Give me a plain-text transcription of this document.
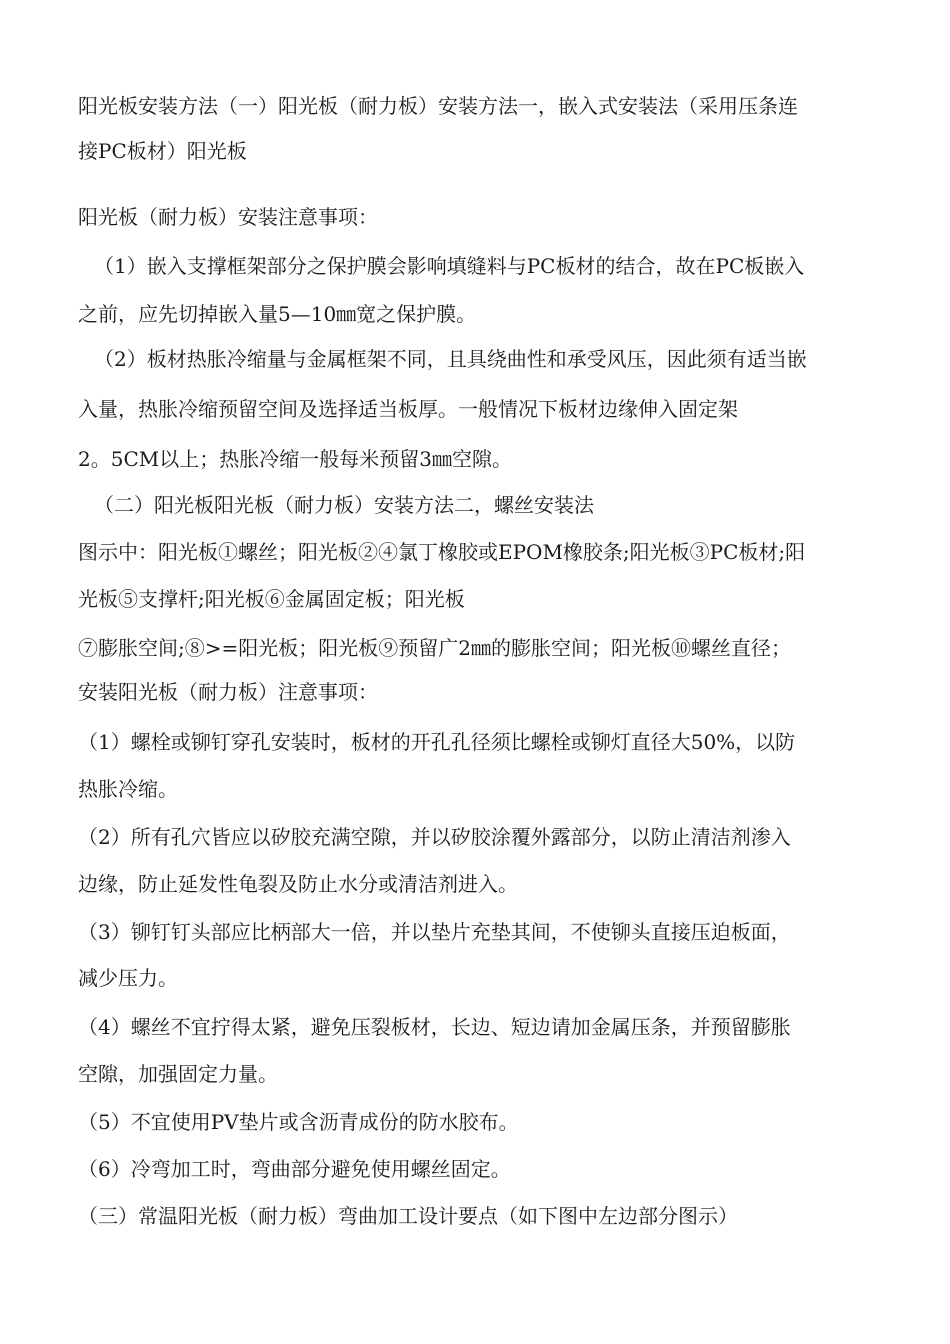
阳光板安装方法（一）阳光板（耐力板）安装方法一，嵌入式安装法（采用压条连
接PC板材）阳光板
阳光板（耐力板）安装注意事项：
（1）嵌入支撑框架部分之保护膜会影响填缝料与PC板材的结合，故在PC板嵌入
之前，应先切掉嵌入量5—10㎜宽之保护膜。
（2）板材热胀冷缩量与金属框架不同，且具绕曲性和承受风压，因此须有适当嵌
入量，热胀冷缩预留空间及选择适当板厚。一般情况下板材边缘伸入固定架
2。5CM以上；热胀冷缩一般每米预留3㎜空隙。
（二）阳光板阳光板（耐力板）安装方法二，螺丝安装法
图示中：阳光板①螺丝；阳光板②④氯丁橡胶或EPOM橡胶条;阳光板③PC板材;阳
光板⑤支撑杆;阳光板⑥金属固定板；阳光板
⑦膨胀空间;⑧>=阳光板；阳光板⑨预留广2㎜的膨胀空间；阳光板⑩螺丝直径；
安装阳光板（耐力板）注意事项：
（1）螺栓或铆钉穿孔安装时，板材的开孔孔径须比螺栓或铆灯直径大50%，以防
热胀冷缩。
（2）所有孔穴皆应以矽胶充满空隙，并以矽胶涂覆外露部分，以防止清洁剂渗入
边缘，防止延发性龟裂及防止水分或清洁剂进入。
（3）铆钉钉头部应比柄部大一倍，并以垫片充垫其间，不使铆头直接压迫板面，
减少压力。
（4）螺丝不宜拧得太紧，避免压裂板材，长边、短边请加金属压条，并预留膨胀
空隙，加强固定力量。
（5）不宜使用PV垫片或含沥青成份的防水胶布。
（6）冷弯加工时，弯曲部分避免使用螺丝固定。
（三）常温阳光板（耐力板）弯曲加工设计要点（如下图中左边部分图示）
